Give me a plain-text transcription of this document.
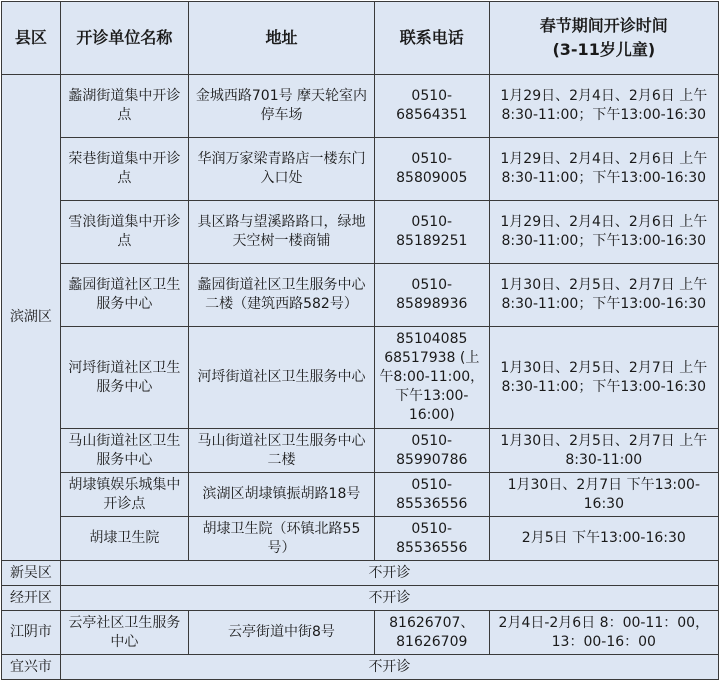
县区	开诊单位名称	地址	联系电话	春节期间开诊时间
(3-11岁儿童)

滨湖区	蠡湖街道集中开诊点	金城西路701号 摩天轮室内停车场	0510-68564351	1月29日、2月4日、2月6日 上午8:30-11:00；下午13:00-16:30
	荣巷街道集中开诊点	华润万家梁青路店一楼东门入口处	0510-85809005	1月29日、2月4日、2月6日 上午8:30-11:00；下午13:00-16:30
	雪浪街道集中开诊点	具区路与望溪路路口，绿地天空树一楼商铺	0510-85189251	1月29日、2月4日、2月6日 上午8:30-11:00；下午13:00-16:30
	蠡园街道社区卫生服务中心	蠡园街道社区卫生服务中心二楼（建筑西路582号）	0510-85898936	1月30日、2月5日、2月7日 上午8:30-11:00；下午13:00-16:30
	河埒街道社区卫生服务中心	河埒街道社区卫生服务中心	85104085 68517938 (上午8:00-11:00，下午13:00-16:00)	1月30日、2月5日、2月7日 上午8:30-11:00；下午13:00-16:30
	马山街道社区卫生服务中心	马山街道社区卫生服务中心二楼	0510-85990786	1月30日、2月5日、2月7日 上午8:30-11:00
	胡埭镇娱乐城集中开诊点	滨湖区胡埭镇振胡路18号	0510-85536556	1月30日、2月7日 下午13:00-16:30
	胡埭卫生院	胡埭卫生院（环镇北路55号）	0510-85536556	2月5日 下午13:00-16:30
新吴区	不开诊			
经开区	不开诊			
江阴市	云亭社区卫生服务中心	云亭街道中街8号	81626707、81626709	2月4日-2月6日 8：00-11：00，13：00-16：00
宜兴市	不开诊			
